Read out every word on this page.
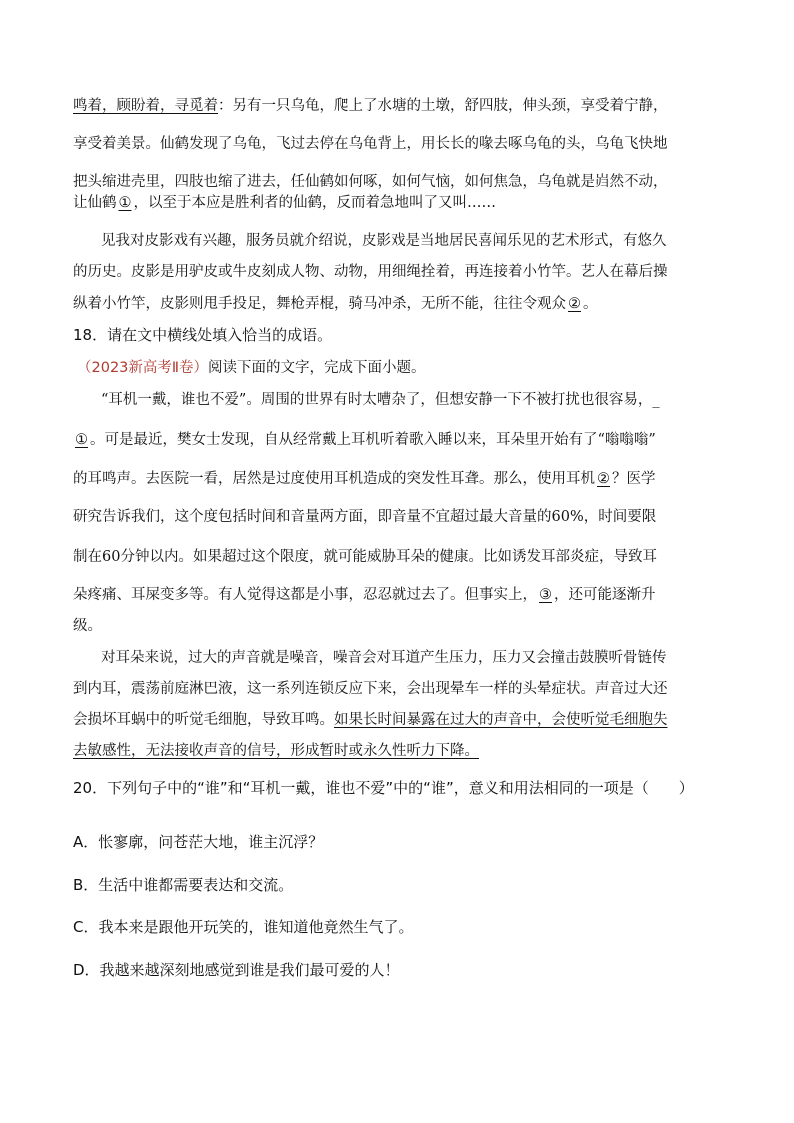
鸣着，顾盼着，寻觅着：另有一只乌龟，爬上了水塘的土墩，舒四肢，伸头颈，享受着宁静，
享受着美景。仙鹤发现了乌龟，飞过去停在乌龟背上，用长长的喙去啄乌龟的头，乌龟飞快地
把头缩进壳里，四肢也缩了进去，任仙鹤如何啄，如何气恼，如何焦急，乌龟就是岿然不动，
让仙鹤 ① ，以至于本应是胜利者的仙鹤，反而着急地叫了又叫……
见我对皮影戏有兴趣，服务员就介绍说，皮影戏是当地居民喜闻乐见的艺术形式，有悠久
的历史。皮影是用驴皮或牛皮刻成人物、动物，用细绳拴着，再连接着小竹竿。艺人在幕后操
纵着小竹竿，皮影则甩手投足，舞枪弄棍，骑马冲杀，无所不能，往往令观众 ② 。
18．请在文中横线处填入恰当的成语。
（2023新高考Ⅱ卷）阅读下面的文字，完成下面小题。
“耳机一戴，谁也不爱”。周围的世界有时太嘈杂了，但想安静一下不被打扰也很容易，_
① 。可是最近，樊女士发现，自从经常戴上耳机听着歌入睡以来，耳朵里开始有了“嗡嗡嗡”
的耳鸣声。去医院一看，居然是过度使用耳机造成的突发性耳聋。那么，使用耳机 ② ？医学
研究告诉我们，这个度包括时间和音量两方面，即音量不宜超过最大音量的60%，时间要限
制在60分钟以内。如果超过这个限度，就可能威胁耳朵的健康。比如诱发耳部炎症，导致耳
朵疼痛、耳屎变多等。有人觉得这都是小事，忍忍就过去了。但事实上， ③ ，还可能逐渐升
级。
对耳朵来说，过大的声音就是噪音，噪音会对耳道产生压力，压力又会撞击鼓膜听骨链传
到内耳，震荡前庭淋巴液，这一系列连锁反应下来，会出现晕车一样的头晕症状。声音过大还
会损坏耳蜗中的听觉毛细胞，导致耳鸣。如果长时间暴露在过大的声音中，会使听觉毛细胞失
去敏感性，无法接收声音的信号，形成暂时或永久性听力下降。
20．下列句子中的“谁”和“耳机一戴，谁也不爱”中的“谁”，意义和用法相同的一项是（　　）
A．怅寥廓，问苍茫大地，谁主沉浮？
B．生活中谁都需要表达和交流。
C．我本来是跟他开玩笑的，谁知道他竟然生气了。
D．我越来越深刻地感觉到谁是我们最可爱的人！
